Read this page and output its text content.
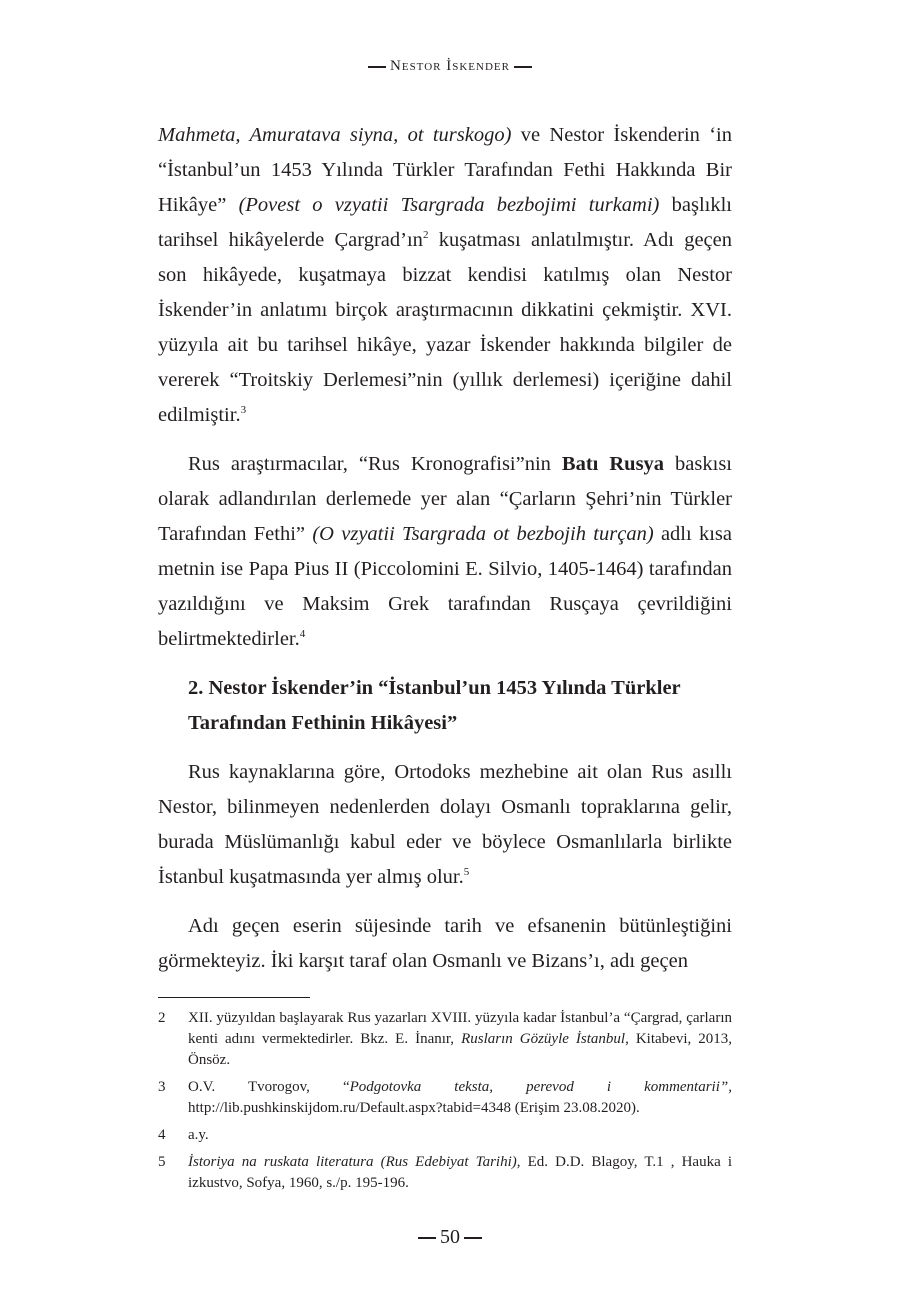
Nestor İskender

Mahmeta, Amuratava siyna, ot turskogo) ve Nestor İskenderin ‘in “İstanbul’un 1453 Yılında Türkler Tarafından Fethi Hakkında Bir Hikâye” (Povest o vzyatii Tsargrada bezbojimi turkami) başlıklı tarihsel hikâyelerde $Çargrad’ın^2$ kuşatması anlatılmıştır. Adı geçen son hikâyede, kuşatmaya bizzat kendisi katılmış olan Nestor İskender’in anlatımı birçok araştırmacının dikkatini çekmiştir. XVI. yüzyıla ait bu tarihsel hikâye, yazar İskender hakkında bilgiler de vererek “Troitskiy Derlemesi”nin (yıllık derlemesi) içeriğine dahil edilmiştir.$^3$

Rus araştırmacılar, “Rus Kronografisi”nin Batı Rusya baskısı olarak adlandırılan derlemede yer alan “Çarların Şehri’nin Türkler Tarafından Fethi” (O vzyatii Tsargrada ot bezbojih turçan) adlı kısa metnin ise Papa Pius II (Piccolomini E. Silvio, 1405-1464) tarafından yazıldığını ve Maksim Grek tarafından Rusçaya çevrildiğini belirtmektedirler.$^4$

2. Nestor İskender’in “İstanbul’un 1453 Yılında Türkler Tarafından Fethinin Hikâyesi”

Rus kaynaklarına göre, Ortodoks mezhebine ait olan Rus asıllı Nestor, bilinmeyen nedenlerden dolayı Osmanlı topraklarına gelir, burada Müslümanlığı kabul eder ve böylece Osmanlılarla birlikte İstanbul kuşatmasında yer almış olur.$^5$

Adı geçen eserin süjesinde tarih ve efsanenin bütünleştiğini görmekteyiz. İki karşıt taraf olan Osmanlı ve Bizans’ı, adı geçen

2	XII. yüzyıldan başlayarak Rus yazarları XVIII. yüzyıla kadar İstanbul’a “Çargrad, çarların kenti adını vermektedirler. Bkz. E. İnanır, Rusların Gözüyle İstanbul, Kitabevi, 2013, Önsöz.
3	O.V. Tvorogov, “Podgotovka teksta, perevod i kommentarii”, http://lib.pushkinskijdom.ru/Default.aspx?tabid=4348 (Erişim 23.08.2020).
4	a.y.
5	İstoriya na ruskata literatura (Rus Edebiyat Tarihi), Ed. D.D. Blagoy, T.1 , Hauka i izkustvo, Sofya, 1960, s./p. 195-196.
50
